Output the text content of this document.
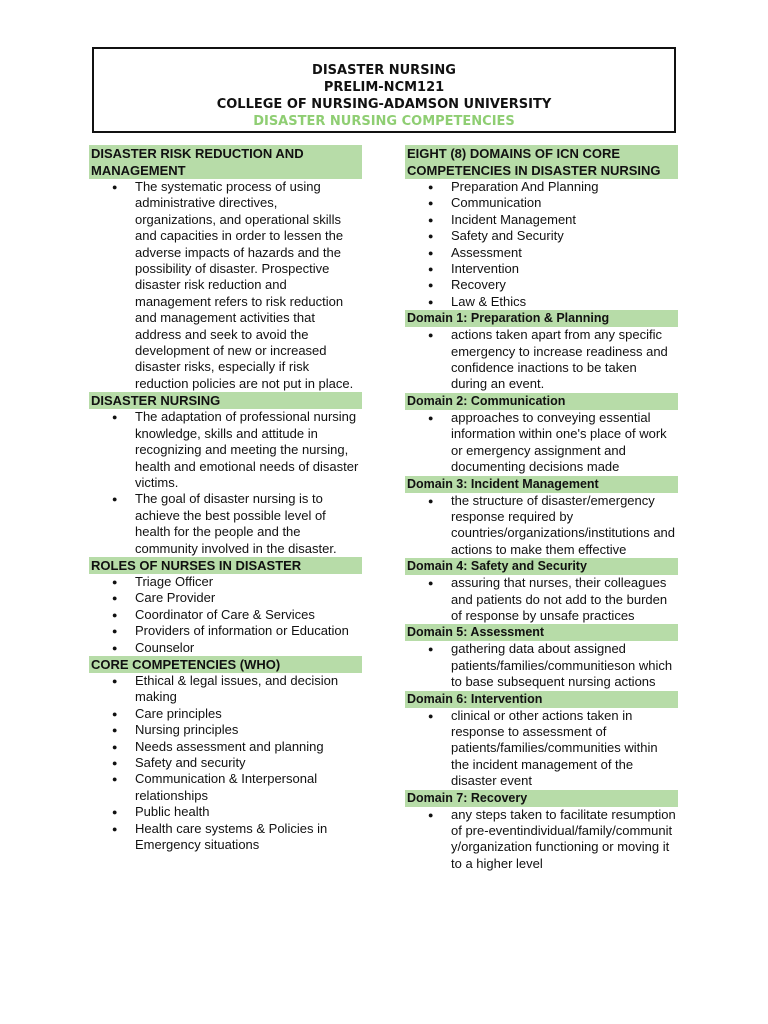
DISASTER NURSING
PRELIM-NCM121
COLLEGE OF NURSING-ADAMSON UNIVERSITY
DISASTER NURSING COMPETENCIES
DISASTER RISK REDUCTION AND MANAGEMENT
● The systematic process of using administrative directives, organizations, and operational skills and capacities in order to lessen the adverse impacts of hazards and the possibility of disaster. Prospective disaster risk reduction and management refers to risk reduction and management activities that address and seek to avoid the development of new or increased disaster risks, especially if risk reduction policies are not put in place.
DISASTER NURSING
● The adaptation of professional nursing knowledge, skills and attitude in recognizing and meeting the nursing, health and emotional needs of disaster victims.
● The goal of disaster nursing is to achieve the best possible level of health for the people and the community involved in the disaster.
ROLES OF NURSES IN DISASTER
● Triage Officer
● Care Provider
● Coordinator of Care & Services
● Providers of information or Education
● Counselor
CORE COMPETENCIES (WHO)
● Ethical & legal issues, and decision making
● Care principles
● Nursing principles
● Needs assessment and planning
● Safety and security
● Communication & Interpersonal relationships
● Public health
● Health care systems & Policies in Emergency situations
EIGHT (8) DOMAINS OF ICN CORE COMPETENCIES IN DISASTER NURSING
● Preparation And Planning
● Communication
● Incident Management
● Safety and Security
● Assessment
● Intervention
● Recovery
● Law & Ethics
Domain 1: Preparation & Planning
● actions taken apart from any specific emergency to increase readiness and confidence inactions to be taken during an event.
Domain 2: Communication
● approaches to conveying essential information within one's place of work or emergency assignment and documenting decisions made
Domain 3: Incident Management
● the structure of disaster/emergency response required by countries/organizations/institutions and actions to make them effective
Domain 4: Safety and Security
● assuring that nurses, their colleagues and patients do not add to the burden of response by unsafe practices
Domain 5: Assessment
● gathering data about assigned patients/families/communitieson which to base subsequent nursing actions
Domain 6: Intervention
● clinical or other actions taken in response to assessment of patients/families/communities within the incident management of the disaster event
Domain 7: Recovery
● any steps taken to facilitate resumption of pre-eventindividual/family/communit y/organization functioning or moving it to a higher level
